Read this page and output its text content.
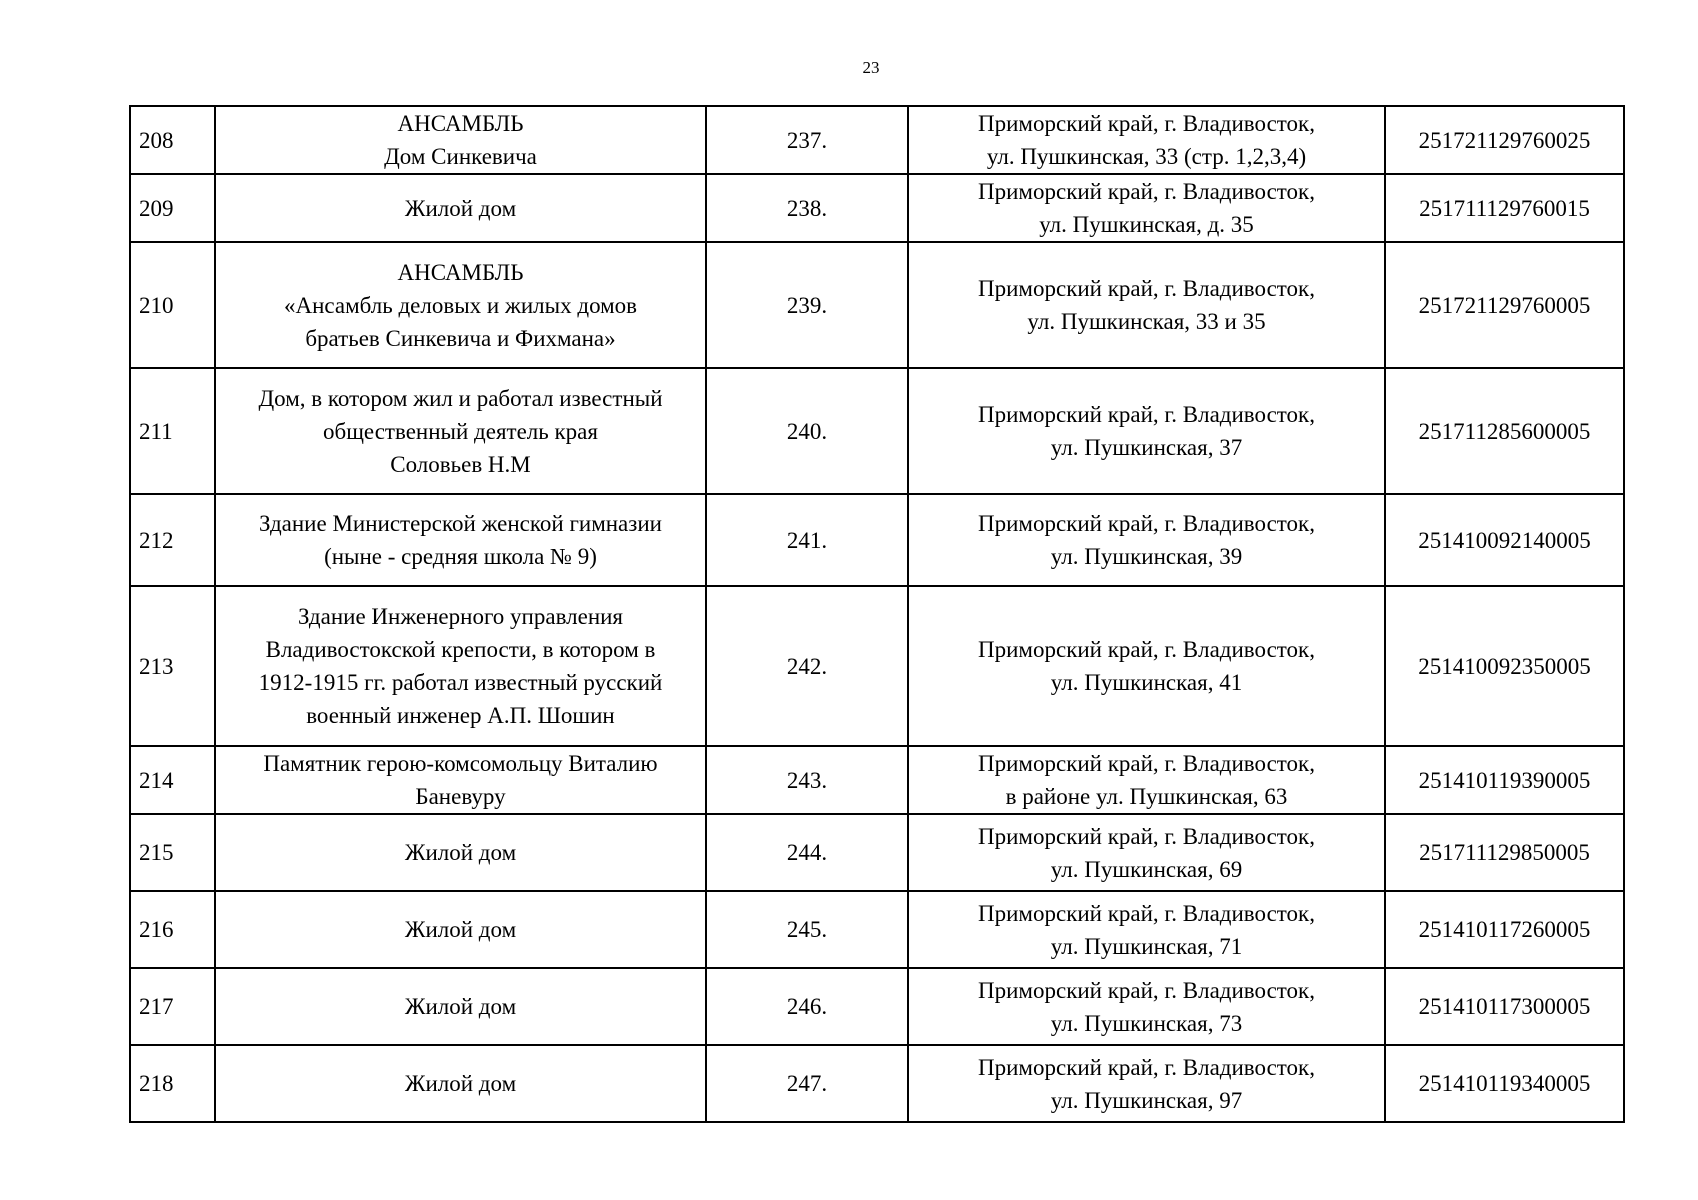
23
208	АНСАМБЛЬ
Дом Синкевича	237.	Приморский край, г. Владивосток,
ул. Пушкинская, 33 (стр. 1,2,3,4)	251721129760025

209	Жилой дом	238.	Приморский край, г. Владивосток,
ул. Пушкинская, д. 35	251711129760015

210	АНСАМБЛЬ
«Ансамбль деловых и жилых домов
братьев Синкевича и Фихмана»	239.	Приморский край, г. Владивосток,
ул. Пушкинская, 33 и 35	251721129760005

211	Дом, в котором жил и работал известный
общественный деятель края
Соловьев Н.М	240.	Приморский край, г. Владивосток,
ул. Пушкинская, 37	251711285600005

212	Здание Министерской женской гимназии
(ныне - средняя школа № 9)	241.	Приморский край, г. Владивосток,
ул. Пушкинская, 39	251410092140005

213	Здание Инженерного управления
Владивостокской крепости, в котором в
1912-1915 гг. работал известный русский
военный инженер А.П. Шошин	242.	Приморский край, г. Владивосток,
ул. Пушкинская, 41	251410092350005

214	Памятник герою-комсомольцу Виталию
Баневуру	243.	Приморский край, г. Владивосток,
в районе ул. Пушкинская, 63	251410119390005

215	Жилой дом	244.	Приморский край, г. Владивосток,
ул. Пушкинская, 69	251711129850005

216	Жилой дом	245.	Приморский край, г. Владивосток,
ул. Пушкинская, 71	251410117260005

217	Жилой дом	246.	Приморский край, г. Владивосток,
ул. Пушкинская, 73	251410117300005

218	Жилой дом	247.	Приморский край, г. Владивосток,
ул. Пушкинская, 97	251410119340005
